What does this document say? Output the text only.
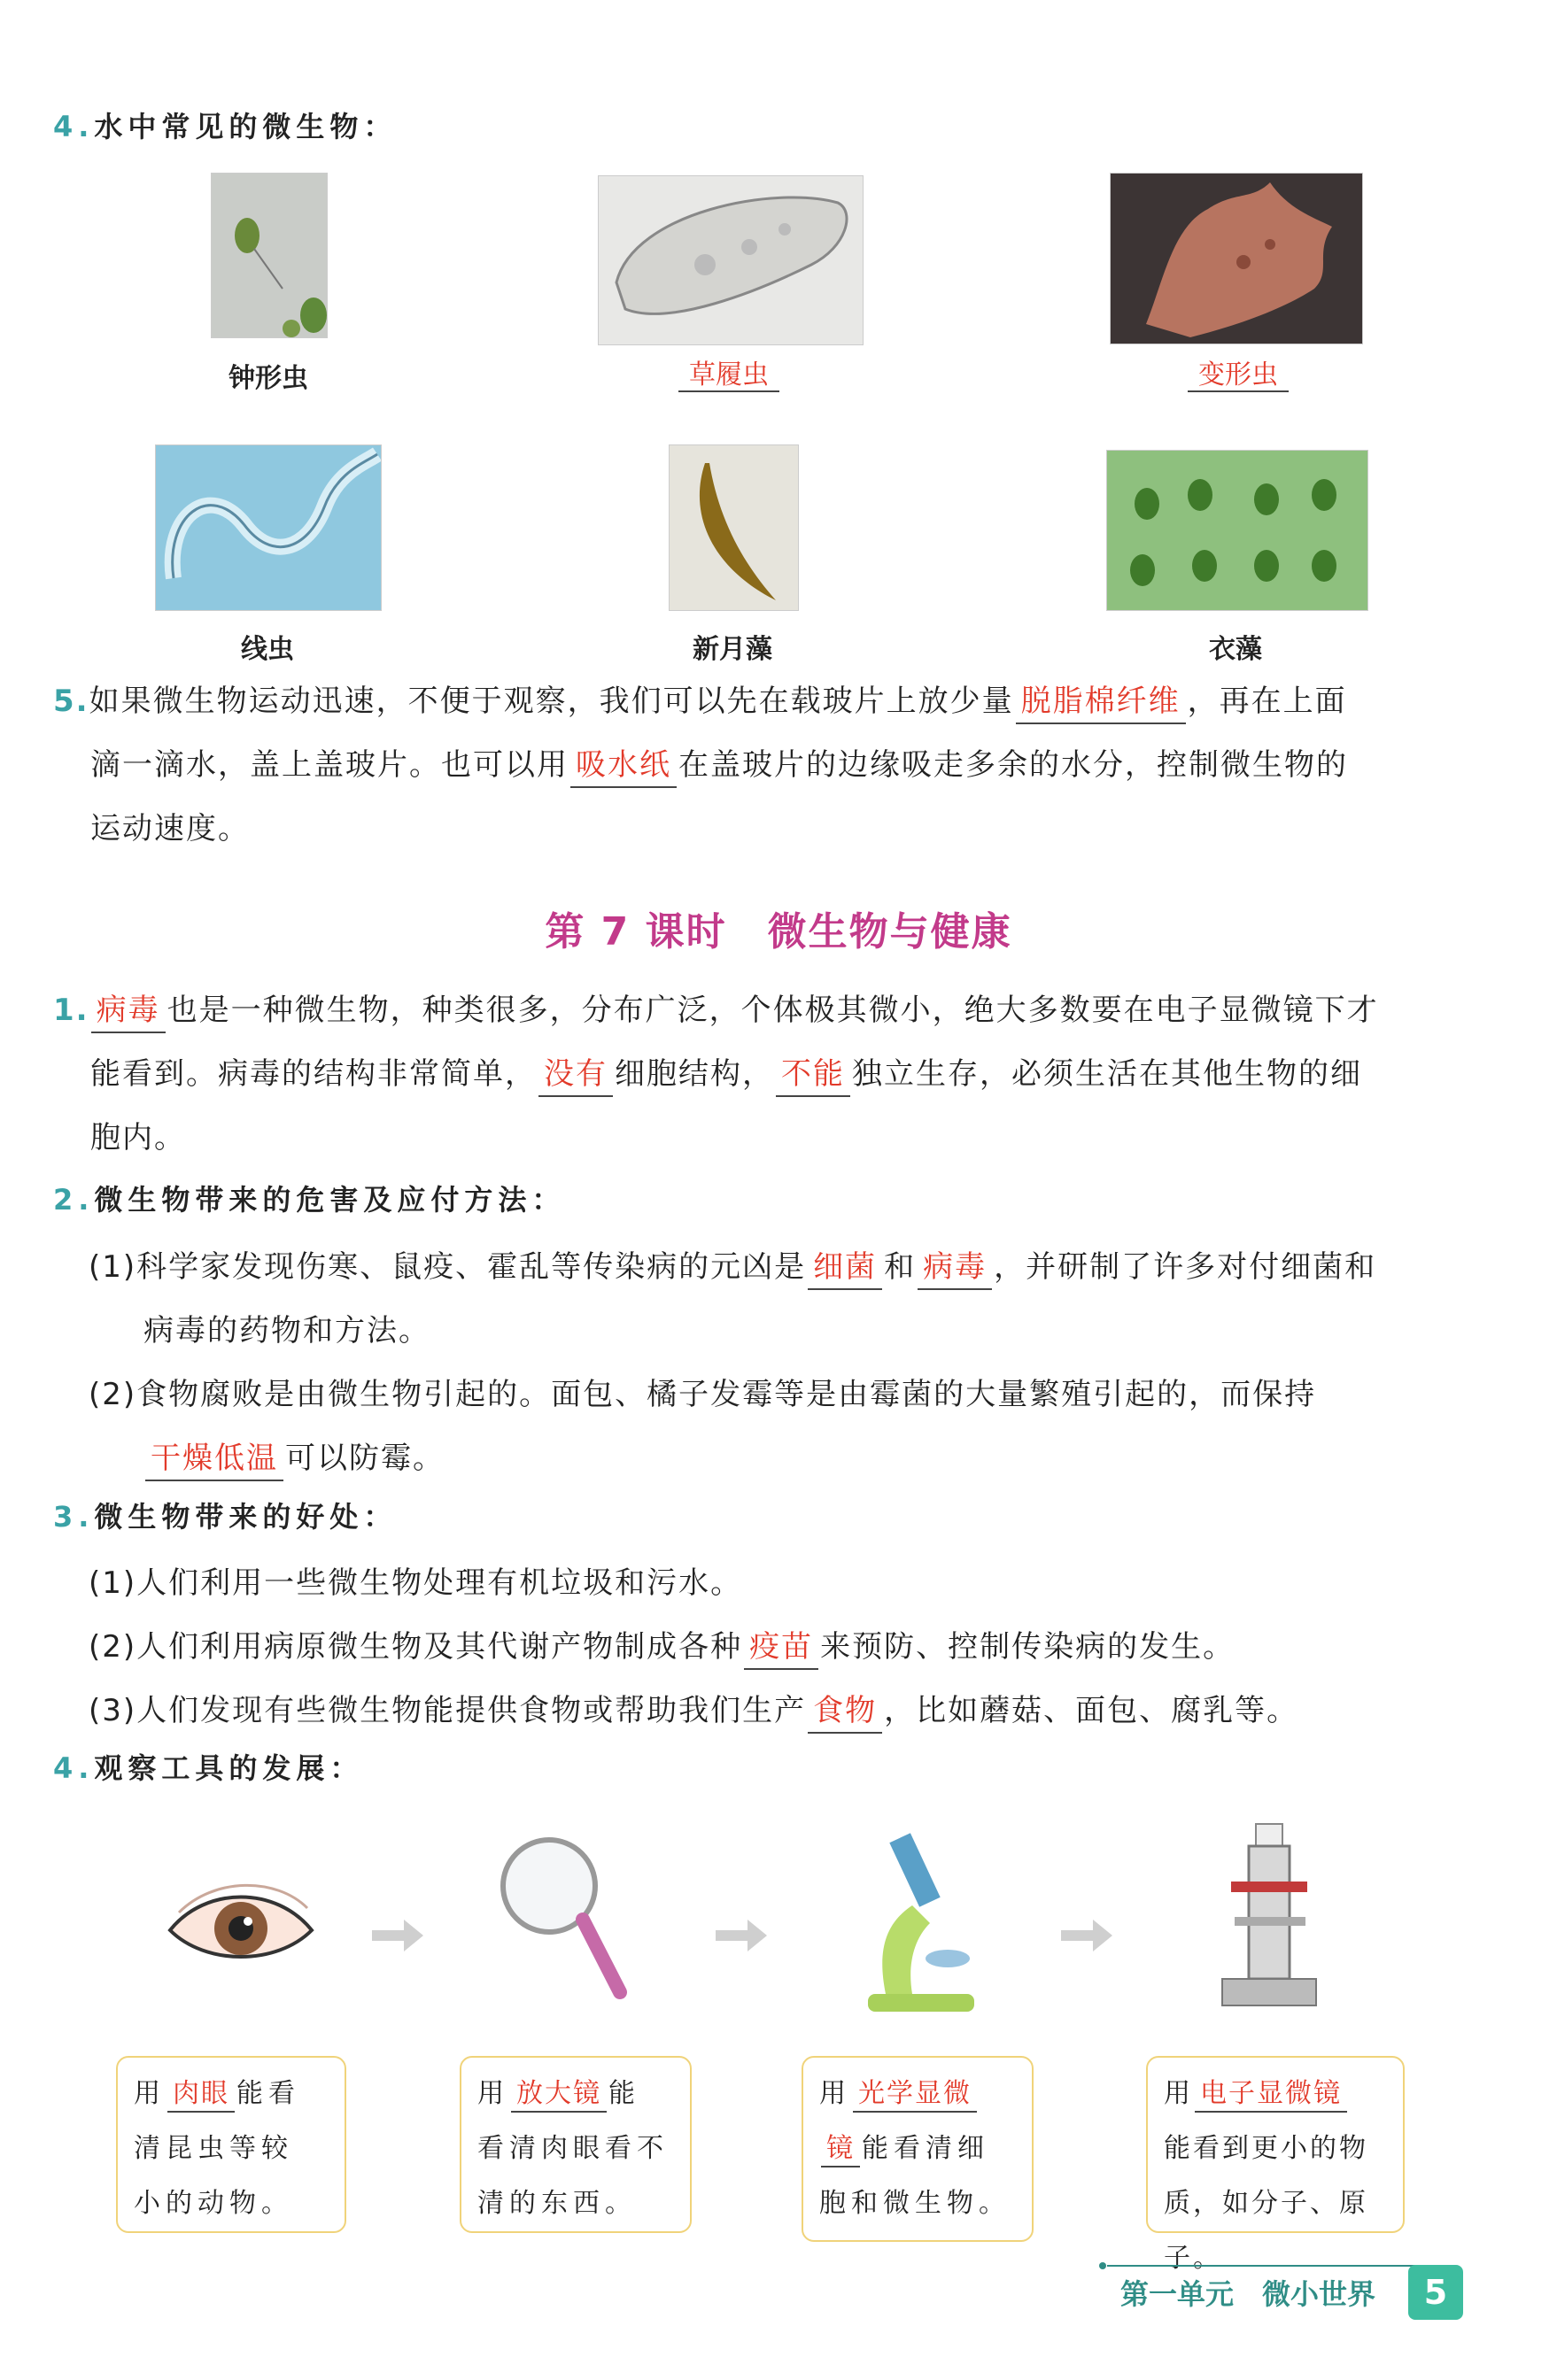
4.水中常见的微生物：
钟形虫	草履虫	变形虫
线虫	新月藻	衣藻
5.如果微生物运动迅速，不便于观察，我们可以先在载玻片上放少量 脱脂棉纤维 ，再在上面
滴一滴水，盖上盖玻片。也可以用 吸水纸 在盖玻片的边缘吸走多余的水分，控制微生物的
运动速度。
第 7 课时　微生物与健康
1. 病毒 也是一种微生物，种类很多，分布广泛，个体极其微小，绝大多数要在电子显微镜下才
能看到。病毒的结构非常简单， 没有 细胞结构， 不能 独立生存，必须生活在其他生物的细
胞内。
2.微生物带来的危害及应付方法：
(1)科学家发现伤寒、鼠疫、霍乱等传染病的元凶是 细菌 和 病毒 ，并研制了许多对付细菌和
病毒的药物和方法。
(2)食物腐败是由微生物引起的。面包、橘子发霉等是由霉菌的大量繁殖引起的，而保持
干燥低温 可以防霉。
3.微生物带来的好处：
(1)人们利用一些微生物处理有机垃圾和污水。
(2)人们利用病原微生物及其代谢产物制成各种 疫苗 来预防、控制传染病的发生。
(3)人们发现有些微生物能提供食物或帮助我们生产 食物 ，比如蘑菇、面包、腐乳等。
4.观察工具的发展：
用 肉眼 能看
清昆虫等较
小的动物。
用 放大镜 能
看清肉眼看不
清的东西。
用 光学显微
镜 能看清细
胞和微生物。
用 电子显微镜
能看到更小的物
质，如分子、原子。
第一单元　微小世界	5
